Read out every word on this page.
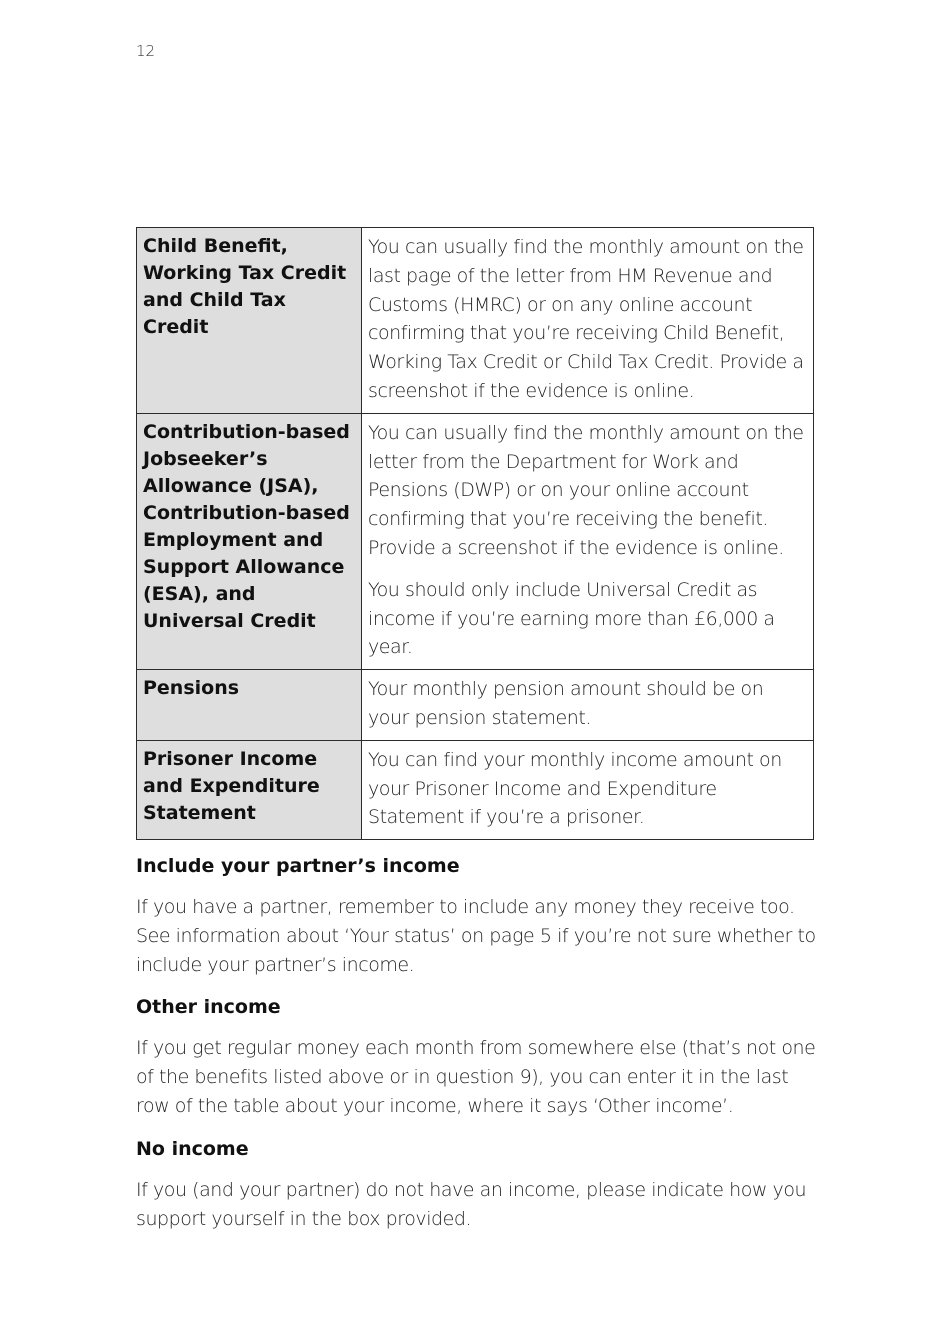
12
Child Benefit, Working Tax Credit and Child Tax Credit	You can usually find the monthly amount on the last page of the letter from HM Revenue and Customs (HMRC) or on any online account confirming that you’re receiving Child Benefit, Working Tax Credit or Child Tax Credit. Provide a screenshot if the evidence is online.

Contribution-based Jobseeker’s Allowance (JSA), Contribution-based Employment and Support Allowance (ESA), and Universal Credit	You can usually find the monthly amount on the letter from the Department for Work and Pensions (DWP) or on your online account confirming that you’re receiving the benefit. Provide a screenshot if the evidence is online.

You should only include Universal Credit as income if you’re earning more than £6,000 a year.

Pensions	Your monthly pension amount should be on your pension statement.

Prisoner Income and Expenditure Statement	You can find your monthly income amount on your Prisoner Income and Expenditure Statement if you’re a prisoner.

Include your partner’s income

If you have a partner, remember to include any money they receive too. See information about ‘Your status’ on page 5 if you’re not sure whether to include your partner’s income.

Other income

If you get regular money each month from somewhere else (that’s not one of the benefits listed above or in question 9), you can enter it in the last row of the table about your income, where it says ‘Other income’.

No income

If you (and your partner) do not have an income, please indicate how you support yourself in the box provided.
